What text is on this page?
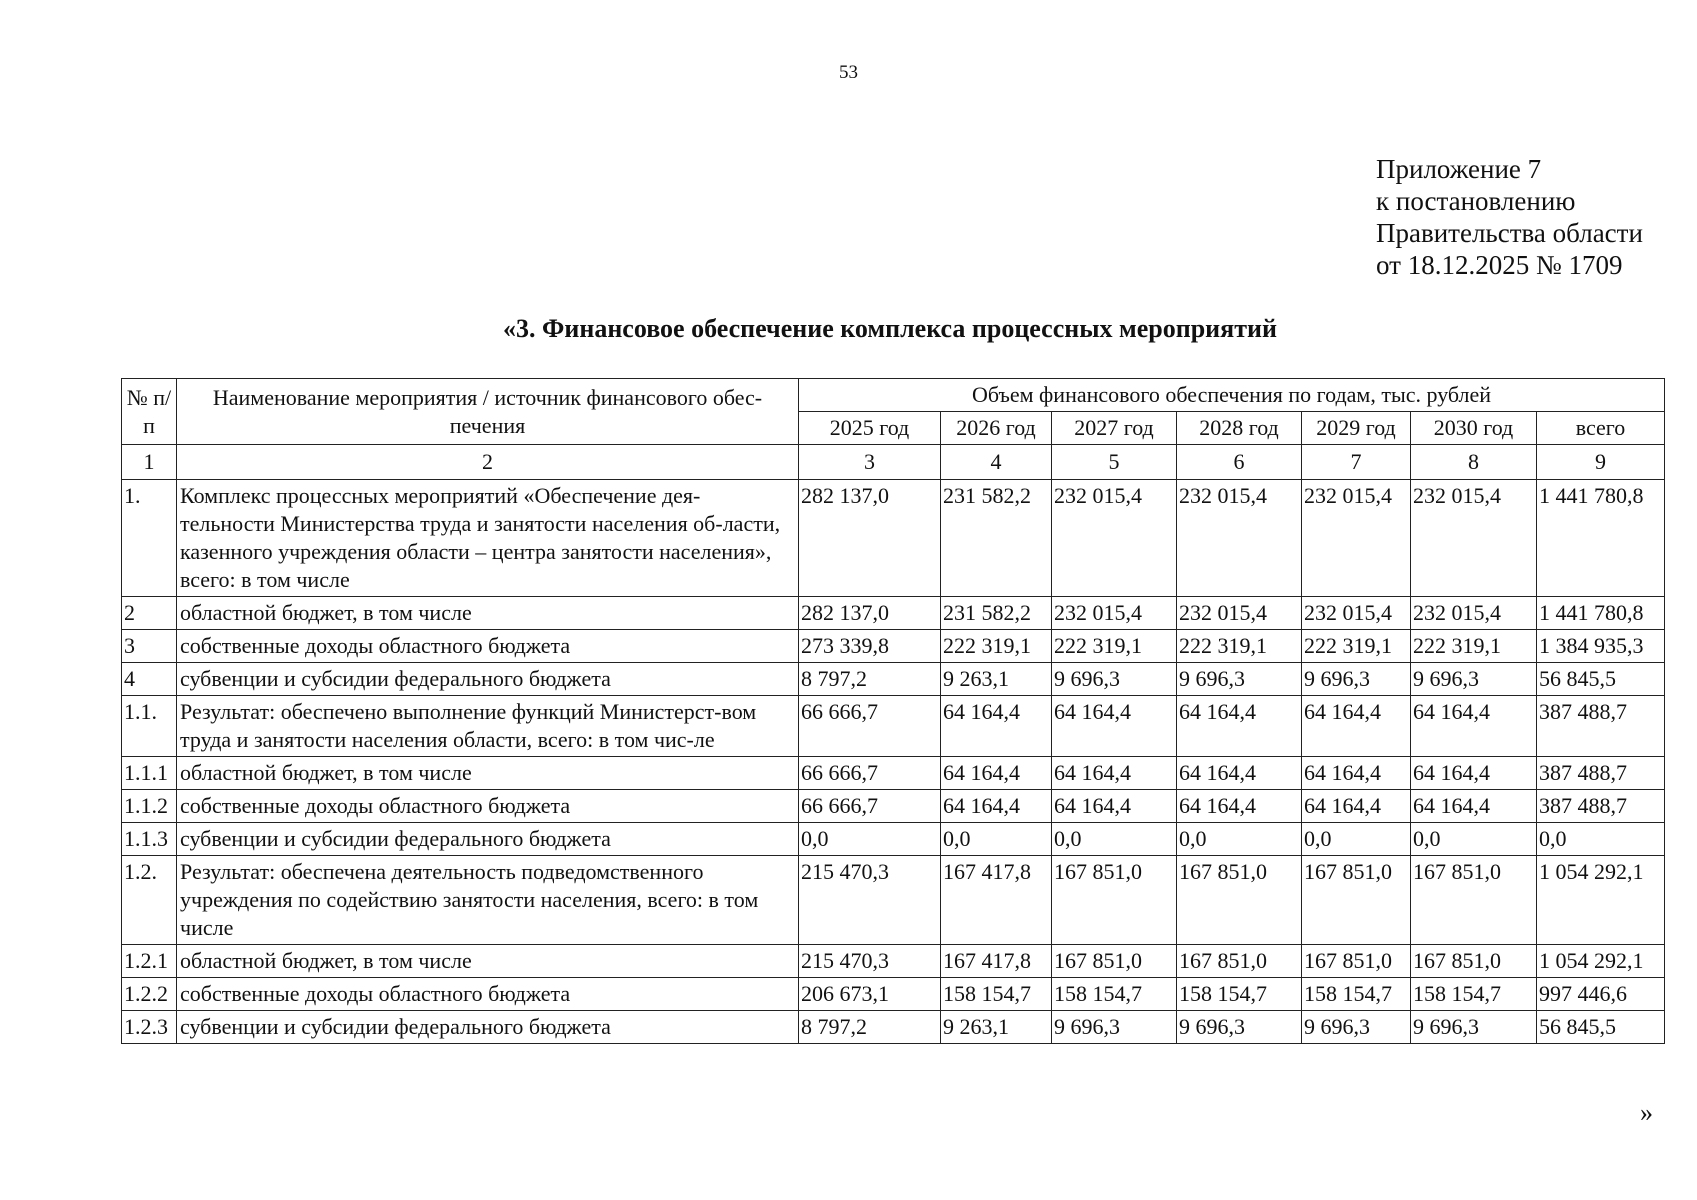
53
Приложение 7
к постановлению
Правительства области
от 18.12.2025 № 1709
«3. Финансовое обеспечение комплекса процессных мероприятий
№ п/п	Наименование мероприятия / источник финансового обес-печения	Объем финансового обеспечения по годам, тыс. рублей						
		2025 год	2026 год	2027 год	2028 год	2029 год	2030 год	всего
1	2	3	4	5	6	7	8	9
1.	Комплекс процессных мероприятий «Обеспечение дея-тельности Министерства труда и занятости населения об-ласти, казенного учреждения области – центра занятости населения», всего: в том числе	282 137,0	231 582,2	232 015,4	232 015,4	232 015,4	232 015,4	1 441 780,8
2	областной бюджет, в том числе	282 137,0	231 582,2	232 015,4	232 015,4	232 015,4	232 015,4	1 441 780,8
3	собственные доходы областного бюджета	273 339,8	222 319,1	222 319,1	222 319,1	222 319,1	222 319,1	1 384 935,3
4	субвенции и субсидии федерального бюджета	8 797,2	9 263,1	9 696,3	9 696,3	9 696,3	9 696,3	56 845,5
1.1.	Результат: обеспечено выполнение функций Министерст-вом труда и занятости населения области, всего: в том чис-ле	66 666,7	64 164,4	64 164,4	64 164,4	64 164,4	64 164,4	387 488,7
1.1.1	областной бюджет, в том числе	66 666,7	64 164,4	64 164,4	64 164,4	64 164,4	64 164,4	387 488,7
1.1.2	собственные доходы областного бюджета	66 666,7	64 164,4	64 164,4	64 164,4	64 164,4	64 164,4	387 488,7
1.1.3	субвенции и субсидии федерального бюджета	0,0	0,0	0,0	0,0	0,0	0,0	0,0
1.2.	Результат: обеспечена деятельность подведомственного учреждения по содействию занятости населения, всего: в том числе	215 470,3	167 417,8	167 851,0	167 851,0	167 851,0	167 851,0	1 054 292,1
1.2.1	областной бюджет, в том числе	215 470,3	167 417,8	167 851,0	167 851,0	167 851,0	167 851,0	1 054 292,1
1.2.2	собственные доходы областного бюджета	206 673,1	158 154,7	158 154,7	158 154,7	158 154,7	158 154,7	997 446,6
1.2.3	субвенции и субсидии федерального бюджета	8 797,2	9 263,1	9 696,3	9 696,3	9 696,3	9 696,3	56 845,5
»
